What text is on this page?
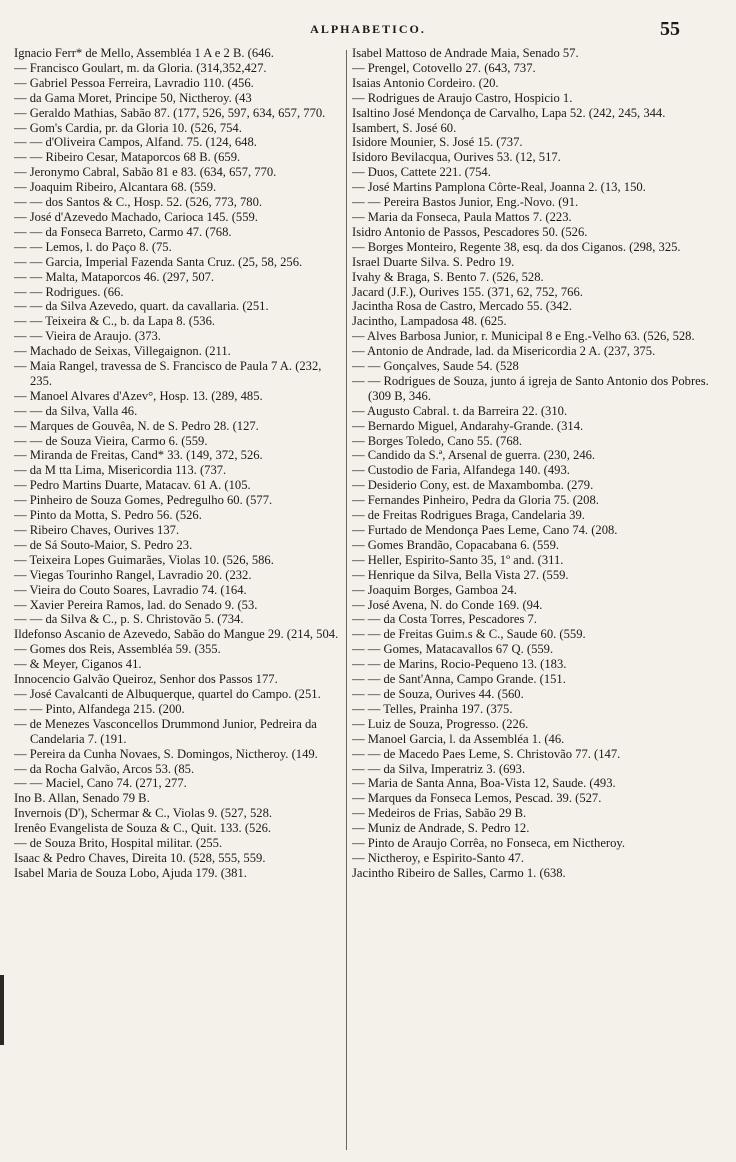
ALPHABETICO.	55
Ignacio Ferr* de Mello, Assembléa 1 A e 2 B. (646.
— Francisco Goulart, m. da Gloria. (314,352,427.
— Gabriel Pessoa Ferreira, Lavradio 110. (456.
— da Gama Moret, Principe 50, Nictheroy. (43
— Geraldo Mathias, Sabão 87. (177, 526, 597, 634, 657, 770.
— Gom's Cardia, pr. da Gloria 10. (526, 754.
— — d'Oliveira Campos, Alfand. 75. (124, 648.
— — Ribeiro Cesar, Mataporcos 68 B. (659.
— Jeronymo Cabral, Sabão 81 e 83. (634, 657, 770.
— Joaquim Ribeiro, Alcantara 68. (559.
— — dos Santos & C., Hosp. 52. (526, 773, 780.
— José d'Azevedo Machado, Carioca 145. (559.
— — da Fonseca Barreto, Carmo 47. (768.
— — Lemos, l. do Paço 8. (75.
— — Garcia, Imperial Fazenda Santa Cruz. (25, 58, 256.
— — Malta, Mataporcos 46. (297, 507.
— — Rodrigues. (66.
— — da Silva Azevedo, quart. da cavallaria. (251.
— — Teixeira & C., b. da Lapa 8. (536.
— — Vieira de Araujo. (373.
— Machado de Seixas, Villegaignon. (211.
— Maia Rangel, travessa de S. Francisco de Paula 7 A. (232, 235.
— Manoel Alvares d'Azev°, Hosp. 13. (289, 485.
— — da Silva, Valla 46.
— Marques de Gouvêa, N. de S. Pedro 28. (127.
— — de Souza Vieira, Carmo 6. (559.
— Miranda de Freitas, Cand* 33. (149, 372, 526.
— da M tta Lima, Misericordia 113. (737.
— Pedro Martins Duarte, Matacav. 61 A. (105.
— Pinheiro de Souza Gomes, Pedregulho 60. (577.
— Pinto da Motta, S. Pedro 56. (526.
— Ribeiro Chaves, Ourives 137.
— de Sá Souto-Maior, S. Pedro 23.
— Teixeira Lopes Guimarães, Violas 10. (526, 586.
— Viegas Tourinho Rangel, Lavradio 20. (232.
— Vieira do Couto Soares, Lavradio 74. (164.
— Xavier Pereira Ramos, lad. do Senado 9. (53.
— — da Silva & C., p. S. Christovão 5. (734.
Ildefonso Ascanio de Azevedo, Sabão do Mangue 29. (214, 504.
— Gomes dos Reis, Assembléa 59. (355.
— & Meyer, Ciganos 41.
Innocencio Galvão Queiroz, Senhor dos Passos 177.
— José Cavalcanti de Albuquerque, quartel do Campo. (251.
— — Pinto, Alfandega 215. (200.
— de Menezes Vasconcellos Drummond Junior, Pedreira da Candelaria 7. (191.
— Pereira da Cunha Novaes, S. Domingos, Nictheroy. (149.
— da Rocha Galvão, Arcos 53. (85.
— — Maciel, Cano 74. (271, 277.
Ino B. Allan, Senado 79 B.
Invernois (D'), Schermar & C., Violas 9. (527, 528.
Irenêo Evangelista de Souza & C., Quit. 133. (526.
— de Souza Brito, Hospital militar. (255.
Isaac & Pedro Chaves, Direita 10. (528, 555, 559.
Isabel Maria de Souza Lobo, Ajuda 179. (381.
Isabel Mattoso de Andrade Maia, Senado 57.
— Prengel, Cotovello 27. (643, 737.
Isaias Antonio Cordeiro. (20.
— Rodrigues de Araujo Castro, Hospicio 1.
Isaltino José Mendonça de Carvalho, Lapa 52. (242, 245, 344.
Isambert, S. José 60.
Isidore Mounier, S. José 15. (737.
Isidoro Bevilacqua, Ourives 53. (12, 517.
— Duos, Cattete 221. (754.
— José Martins Pamplona Côrte-Real, Joanna 2. (13, 150.
— — Pereira Bastos Junior, Eng.-Novo. (91.
— Maria da Fonseca, Paula Mattos 7. (223.
Isidro Antonio de Passos, Pescadores 50. (526.
— Borges Monteiro, Regente 38, esq. da dos Ciganos. (298, 325.
Israel Duarte Silva. S. Pedro 19.
Ivahy & Braga, S. Bento 7. (526, 528.
Jacard (J.F.), Ourives 155. (371, 62, 752, 766.
Jacintha Rosa de Castro, Mercado 55. (342.
Jacintho, Lampadosa 48. (625.
— Alves Barbosa Junior, r. Municipal 8 e Eng.-Velho 63. (526, 528.
— Antonio de Andrade, lad. da Misericordia 2 A. (237, 375.
— — Gonçalves, Saude 54. (528
— — Rodrigues de Souza, junto á igreja de Santo Antonio dos Pobres. (309 B, 346.
— Augusto Cabral. t. da Barreira 22. (310.
— Bernardo Miguel, Andarahy-Grande. (314.
— Borges Toledo, Cano 55. (768.
— Candido da S.ª, Arsenal de guerra. (230, 246.
— Custodio de Faria, Alfandega 140. (493.
— Desiderio Cony, est. de Maxambomba. (279.
— Fernandes Pinheiro, Pedra da Gloria 75. (208.
— de Freitas Rodrigues Braga, Candelaria 39.
— Furtado de Mendonça Paes Leme, Cano 74. (208.
— Gomes Brandão, Copacabana 6. (559.
— Heller, Espirito-Santo 35, 1º and. (311.
— Henrique da Silva, Bella Vista 27. (559.
— Joaquim Borges, Gamboa 24.
— José Avena, N. do Conde 169. (94.
— — da Costa Torres, Pescadores 7.
— — de Freitas Guim.s & C., Saude 60. (559.
— — Gomes, Matacavallos 67 Q. (559.
— — de Marins, Rocio-Pequeno 13. (183.
— — de Sant'Anna, Campo Grande. (151.
— — de Souza, Ourives 44. (560.
— — Telles, Prainha 197. (375.
— Luiz de Souza, Progresso. (226.
— Manoel Garcia, l. da Assembléa 1. (46.
— — de Macedo Paes Leme, S. Christovão 77. (147.
— — da Silva, Imperatriz 3. (693.
— Maria de Santa Anna, Boa-Vista 12, Saude. (493.
— Marques da Fonseca Lemos, Pescad. 39. (527.
— Medeiros de Frias, Sabão 29 B.
— Muniz de Andrade, S. Pedro 12.
— Pinto de Araujo Corrêa, no Fonseca, em Nictheroy.
— Nictheroy, e Espirito-Santo 47.
Jacintho Ribeiro de Salles, Carmo 1. (638.
